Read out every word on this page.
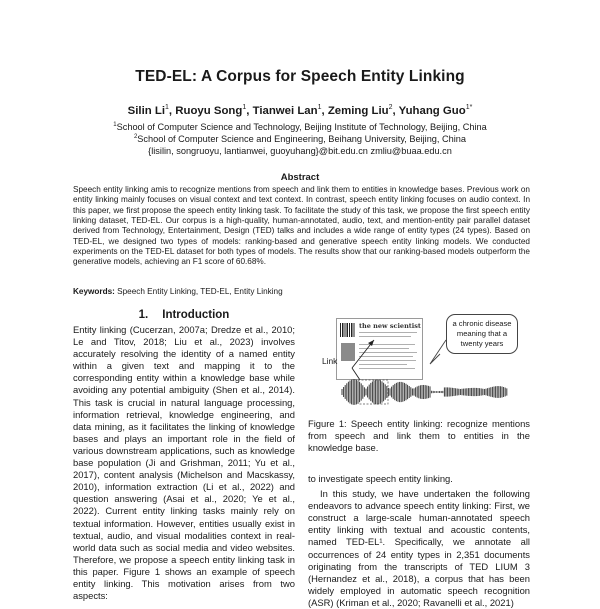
TED-EL: A Corpus for Speech Entity Linking
Silin Li$^1$, Ruoyu Song$^1$, Tianwei Lan$^1$, Zeming Liu$^2$, Yuhang Guo$^{1*}$
$^1$School of Computer Science and Technology, Beijing Institute of Technology, Beijing, China
$^2$School of Computer Science and Engineering, Beihang University, Beijing, China
{lisilin, songruoyu, lantianwei, guoyuhang}@bit.edu.cn zmliu@buaa.edu.cn
Abstract
Speech entity linking amis to recognize mentions from speech and link them to entities in knowledge bases. Previous work on entity linking mainly focuses on visual context and text context. In contrast, speech entity linking focuses on audio context. In this paper, we first propose the speech entity linking task. To facilitate the study of this task, we propose the first speech entity linking dataset, TED-EL. Our corpus is a high-quality, human-annotated, audio, text, and mention-entity pair parallel dataset derived from Technology, Entertainment, Design (TED) talks and includes a wide range of entity types (24 types). Based on TED-EL, we designed two types of models: ranking-based and generative speech entity linking models. We conducted experiments on the TED-EL dataset for both types of models. The results show that our ranking-based models outperform the generative models, achieving an F1 score of 60.68%.
Keywords: Speech Entity Linking, TED-EL, Entity Linking
1. Introduction

Entity linking (Cucerzan, 2007a; Dredze et al., 2010; Le and Titov, 2018; Liu et al., 2023) involves accurately resolving the identity of a named entity within a given text and mapping it to the corresponding entity within a knowledge base while avoiding any potential ambiguity (Shen et al., 2014). This task is crucial in natural language processing, information retrieval, knowledge engineering, and data mining, as it facilitates the linking of knowledge bases and plays an important role in the field of various downstream applications, such as knowledge base population (Ji and Grishman, 2011; Yu et al., 2017), content analysis (Michelson and Macskassy, 2010), information extraction (Li et al., 2022) and question answering (Asai et al., 2020; Ye et al., 2022). Current entity linking tasks mainly rely on textual information. However, entities usually exist in textual, audio, and visual modalities context in real-world data such as social media and video websites. Therefore, we propose a speech entity linking task in this paper. Figure 1 shows an example of speech entity linking. This motivation arises from two aspects:

the new scientist	a chronic disease meaning that a twenty years
Link
Figure 1: Speech entity linking: recognize mentions from speech and link them to entities in the knowledge base.

to investigate speech entity linking.

In this study, we have undertaken the following endeavors to advance speech entity linking: First, we construct a large-scale human-annotated speech entity linking with textual and acoustic contents, named TED-EL¹. Specifically, we annotate all occurrences of 24 entity types in 2,351 documents originating from the transcripts of TED LIUM 3 (Hernandez et al., 2018), a corpus that has been widely employed in automatic speech recognition (ASR) (Kriman et al., 2020; Ravanelli et al., 2021)
